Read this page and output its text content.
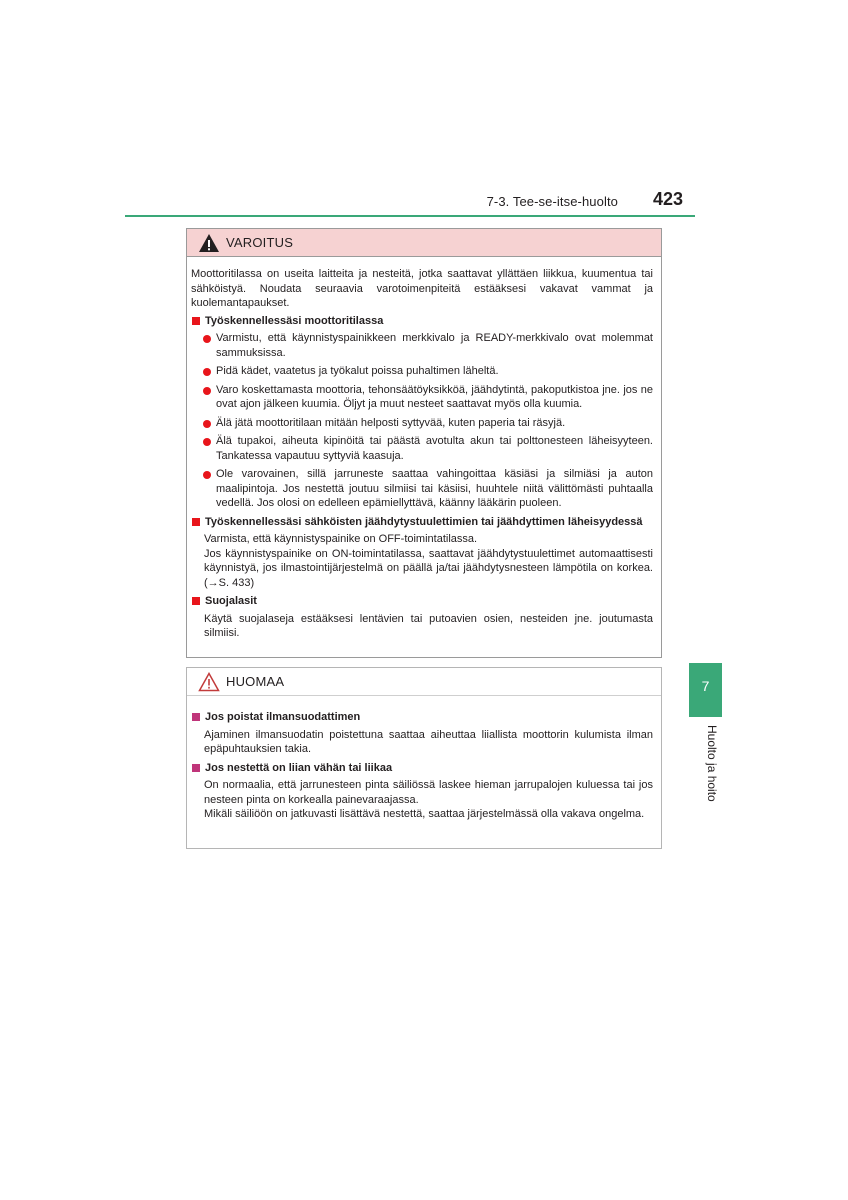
7-3. Tee-se-itse-huolto 423
7
Huolto ja hoito
VAROITUS

Moottoritilassa on useita laitteita ja nesteitä, jotka saattavat yllättäen liikkua, kuumentua tai sähköistyä. Noudata seuraavia varotoimenpiteitä estääksesi vakavat vammat ja kuolemantapaukset.

Työskennellessäsi moottoritilassa
Varmistu, että käynnistyspainikkeen merkkivalo ja READY-merkkivalo ovat molemmat sammuksissa.
Pidä kädet, vaatetus ja työkalut poissa puhaltimen läheltä.
Varo koskettamasta moottoria, tehonsäätöyksikköä, jäähdytintä, pakoputkistoa jne. jos ne ovat ajon jälkeen kuumia. Öljyt ja muut nesteet saattavat myös olla kuumia.
Älä jätä moottoritilaan mitään helposti syttyvää, kuten paperia tai räsyjä.
Älä tupakoi, aiheuta kipinöitä tai päästä avotulta akun tai polttonesteen läheisyyteen. Tankatessa vapautuu syttyviä kaasuja.
Ole varovainen, sillä jarruneste saattaa vahingoittaa käsiäsi ja silmiäsi ja auton maalipintoja. Jos nestettä joutuu silmiisi tai käsiisi, huuhtele niitä välittömästi puhtaalla vedellä. Jos olosi on edelleen epämiellyttävä, käänny lääkärin puoleen.
Työskennellessäsi sähköisten jäähdytystuulettimien tai jäähdyttimen läheisyydessä

Varmista, että käynnistyspainike on OFF-toimintatilassa.

Jos käynnistyspainike on ON-toimintatilassa, saattavat jäähdytystuulettimet automaattisesti käynnistyä, jos ilmastointijärjestelmä on päällä ja/tai jäähdytysnesteen lämpötila on korkea. (→S. 433)

Suojalasit

Käytä suojalaseja estääksesi lentävien tai putoavien osien, nesteiden jne. joutumasta silmiisi.

HUOMAA
Jos poistat ilmansuodattimen

Ajaminen ilmansuodatin poistettuna saattaa aiheuttaa liiallista moottorin kulumista ilman epäpuhtauksien takia.

Jos nestettä on liian vähän tai liikaa

On normaalia, että jarrunesteen pinta säiliössä laskee hieman jarrupalojen kuluessa tai jos nesteen pinta on korkealla painevaraajassa.

Mikäli säiliöön on jatkuvasti lisättävä nestettä, saattaa järjestelmässä olla vakava ongelma.
